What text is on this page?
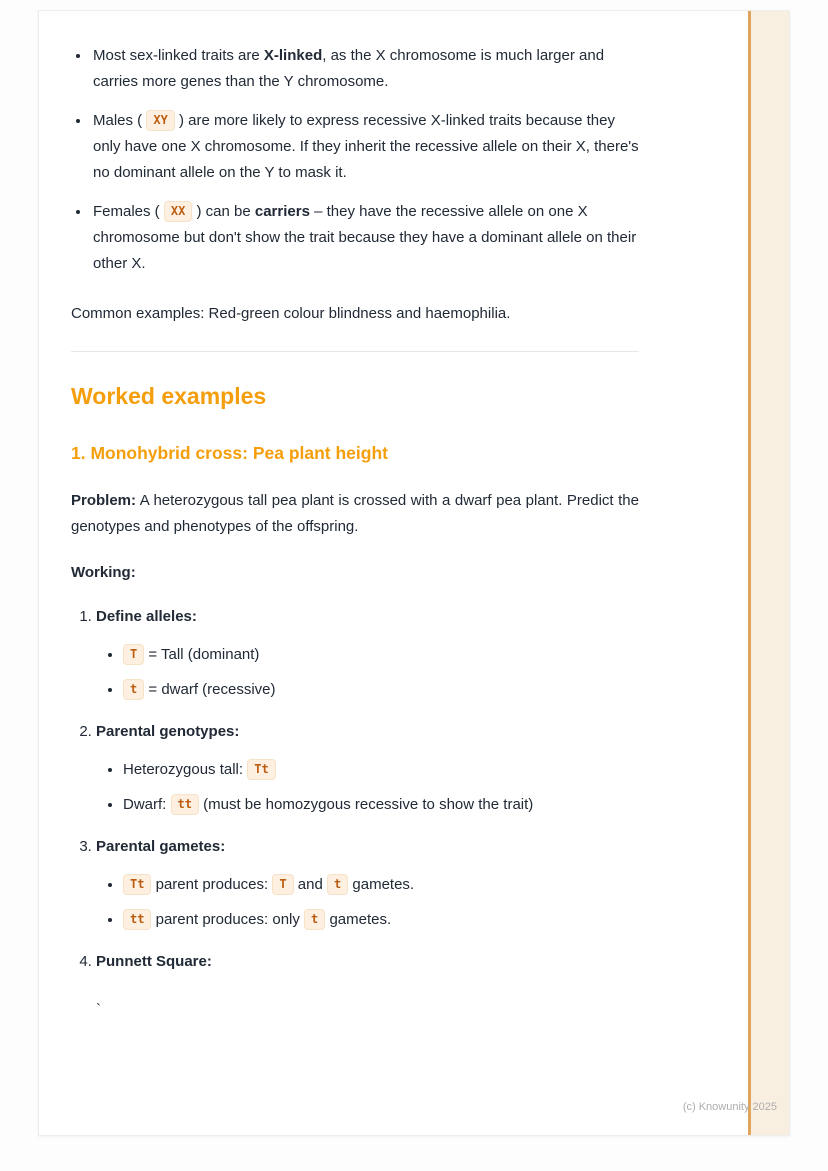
• Most sex-linked traits are X-linked, as the X chromosome is much larger and carries more genes than the Y chromosome.
• Males ( XY ) are more likely to express recessive X-linked traits because they only have one X chromosome. If they inherit the recessive allele on their X, there's no dominant allele on the Y to mask it.
• Females ( XX ) can be carriers – they have the recessive allele on one X chromosome but don't show the trait because they have a dominant allele on their other X.

Common examples: Red-green colour blindness and haemophilia.

Worked examples
1. Monohybrid cross: Pea plant height

Problem: A heterozygous tall pea plant is crossed with a dwarf pea plant. Predict the genotypes and phenotypes of the offspring.

Working:

1. Define alleles:
• T = Tall (dominant)
• t = dwarf (recessive)
2. Parental genotypes:
• Heterozygous tall: Tt
• Dwarf: tt (must be homozygous recessive to show the trait)
3. Parental gametes:
• Tt parent produces: T and t gametes.
• tt parent produces: only t gametes.
4. Punnett Square:
`
(c) Knowunity 2025
